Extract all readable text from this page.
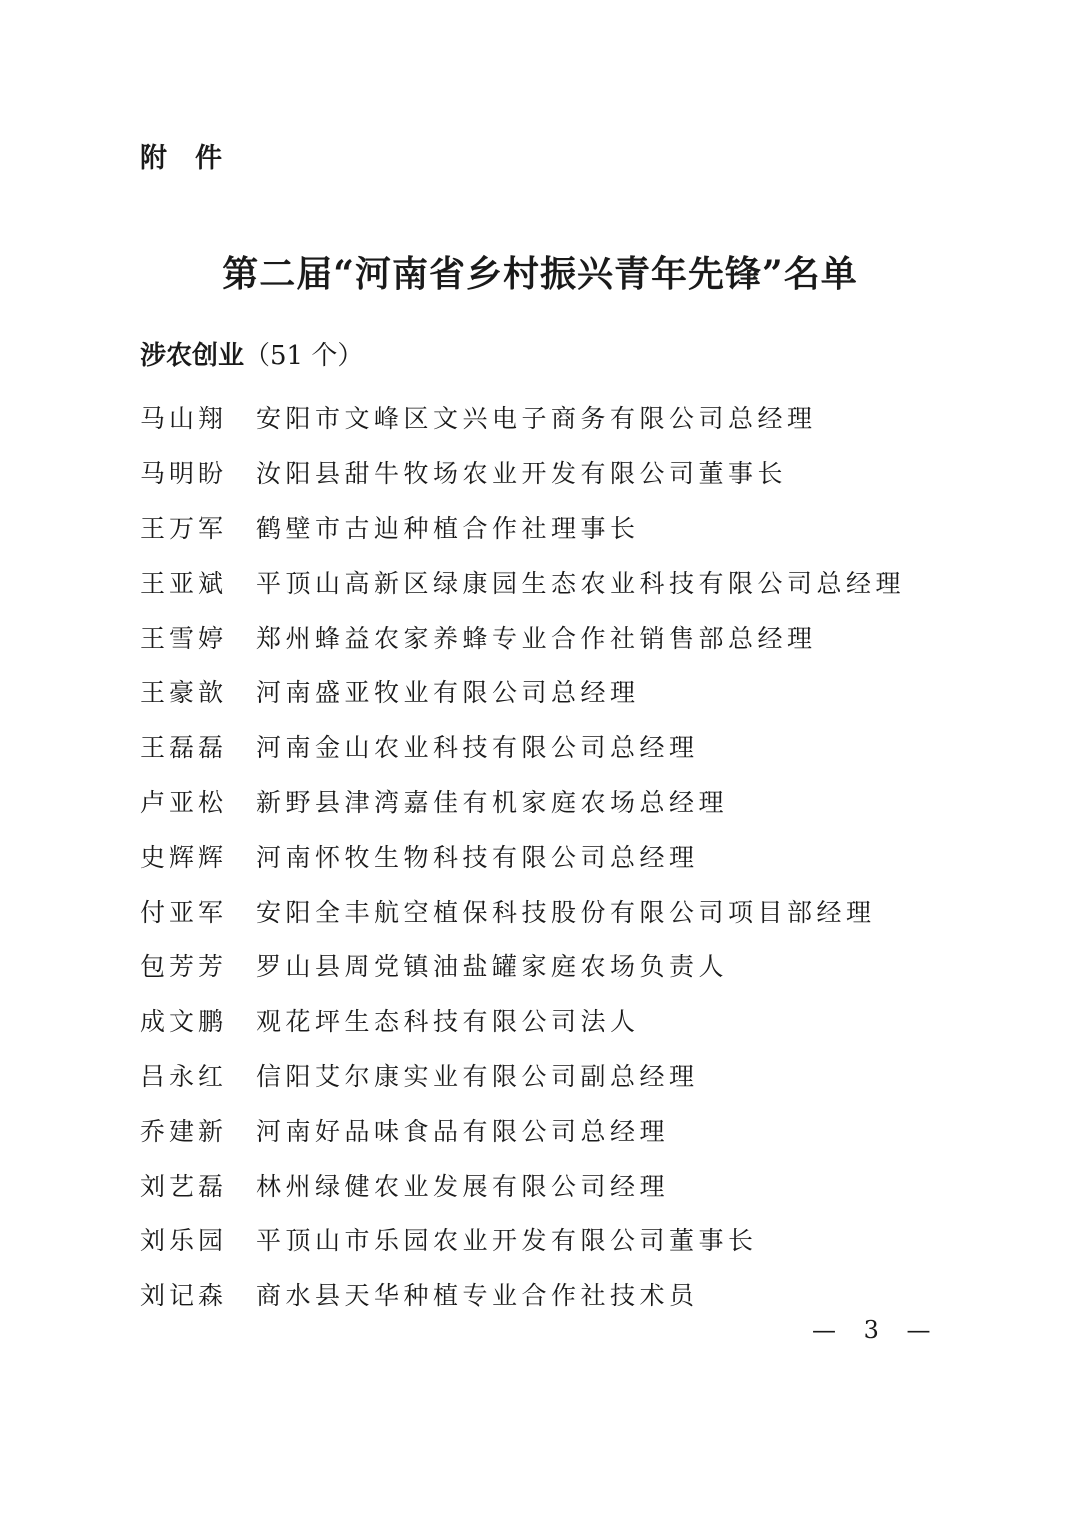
附 件
第二届“河南省乡村振兴青年先锋”名单
涉农创业（51 个）
马山翔	安阳市文峰区文兴电子商务有限公司总经理
马明盼	汝阳县甜牛牧场农业开发有限公司董事长
王万军	鹤壁市古辿种植合作社理事长
王亚斌	平顶山高新区绿康园生态农业科技有限公司总经理
王雪婷	郑州蜂益农家养蜂专业合作社销售部总经理
王豪歆	河南盛亚牧业有限公司总经理
王磊磊	河南金山农业科技有限公司总经理
卢亚松	新野县津湾嘉佳有机家庭农场总经理
史辉辉	河南怀牧生物科技有限公司总经理
付亚军	安阳全丰航空植保科技股份有限公司项目部经理
包芳芳	罗山县周党镇油盐罐家庭农场负责人
成文鹏	观花坪生态科技有限公司法人
吕永红	信阳艾尔康实业有限公司副总经理
乔建新	河南好品味食品有限公司总经理
刘艺磊	林州绿健农业发展有限公司经理
刘乐园	平顶山市乐园农业开发有限公司董事长
刘记森	商水县天华种植专业合作社技术员
— 3 —
